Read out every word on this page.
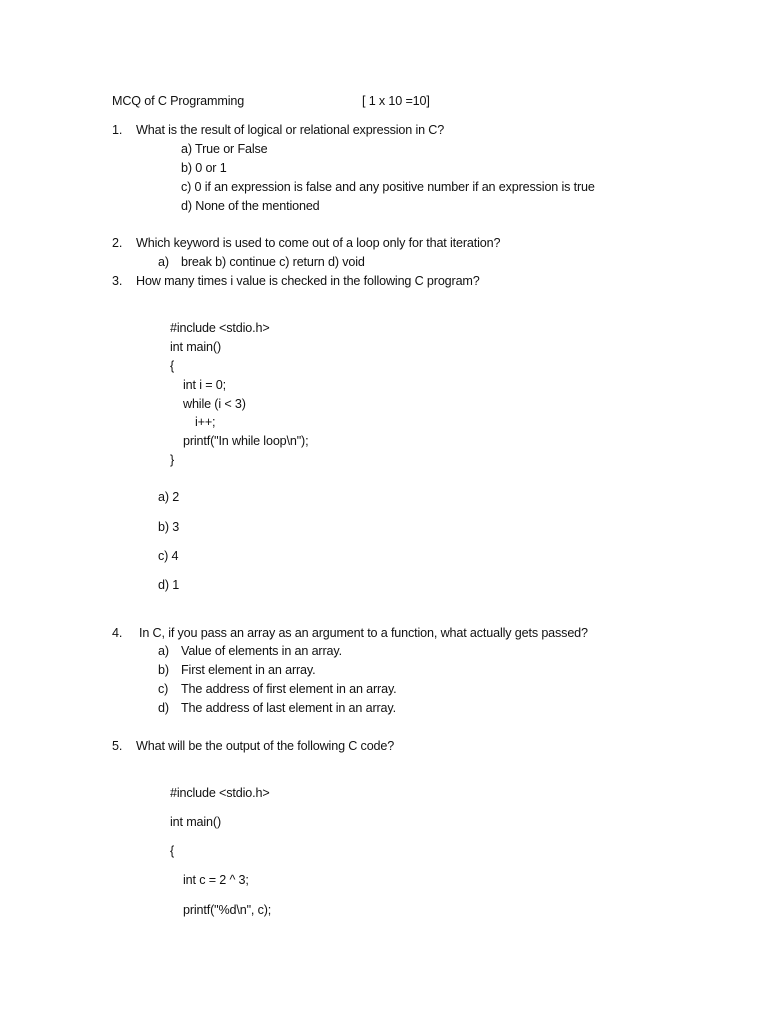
MCQ of C Programming	[ 1 x 10 =10]
1. What is the result of logical or relational expression in C?
a) True or False
b) 0 or 1
c) 0 if an expression is false and any positive number if an expression is true
d) None of the mentioned
2. Which keyword is used to come out of a loop only for that iteration?
a) break b) continue c) return d) void
3. How many times i value is checked in the following C program?
#include <stdio.h>
int main()
{
int i = 0;
while (i < 3)
i++;
printf("In while loop\n");
}
a) 2
b) 3
c) 4
d) 1
4. In C, if you pass an array as an argument to a function, what actually gets passed?
a) Value of elements in an array.
b) First element in an array.
c) The address of first element in an array.
d) The address of last element in an array.
5. What will be the output of the following C code?
#include <stdio.h>
int main()
{
int c = 2 ^ 3;
printf("%d\n", c);
